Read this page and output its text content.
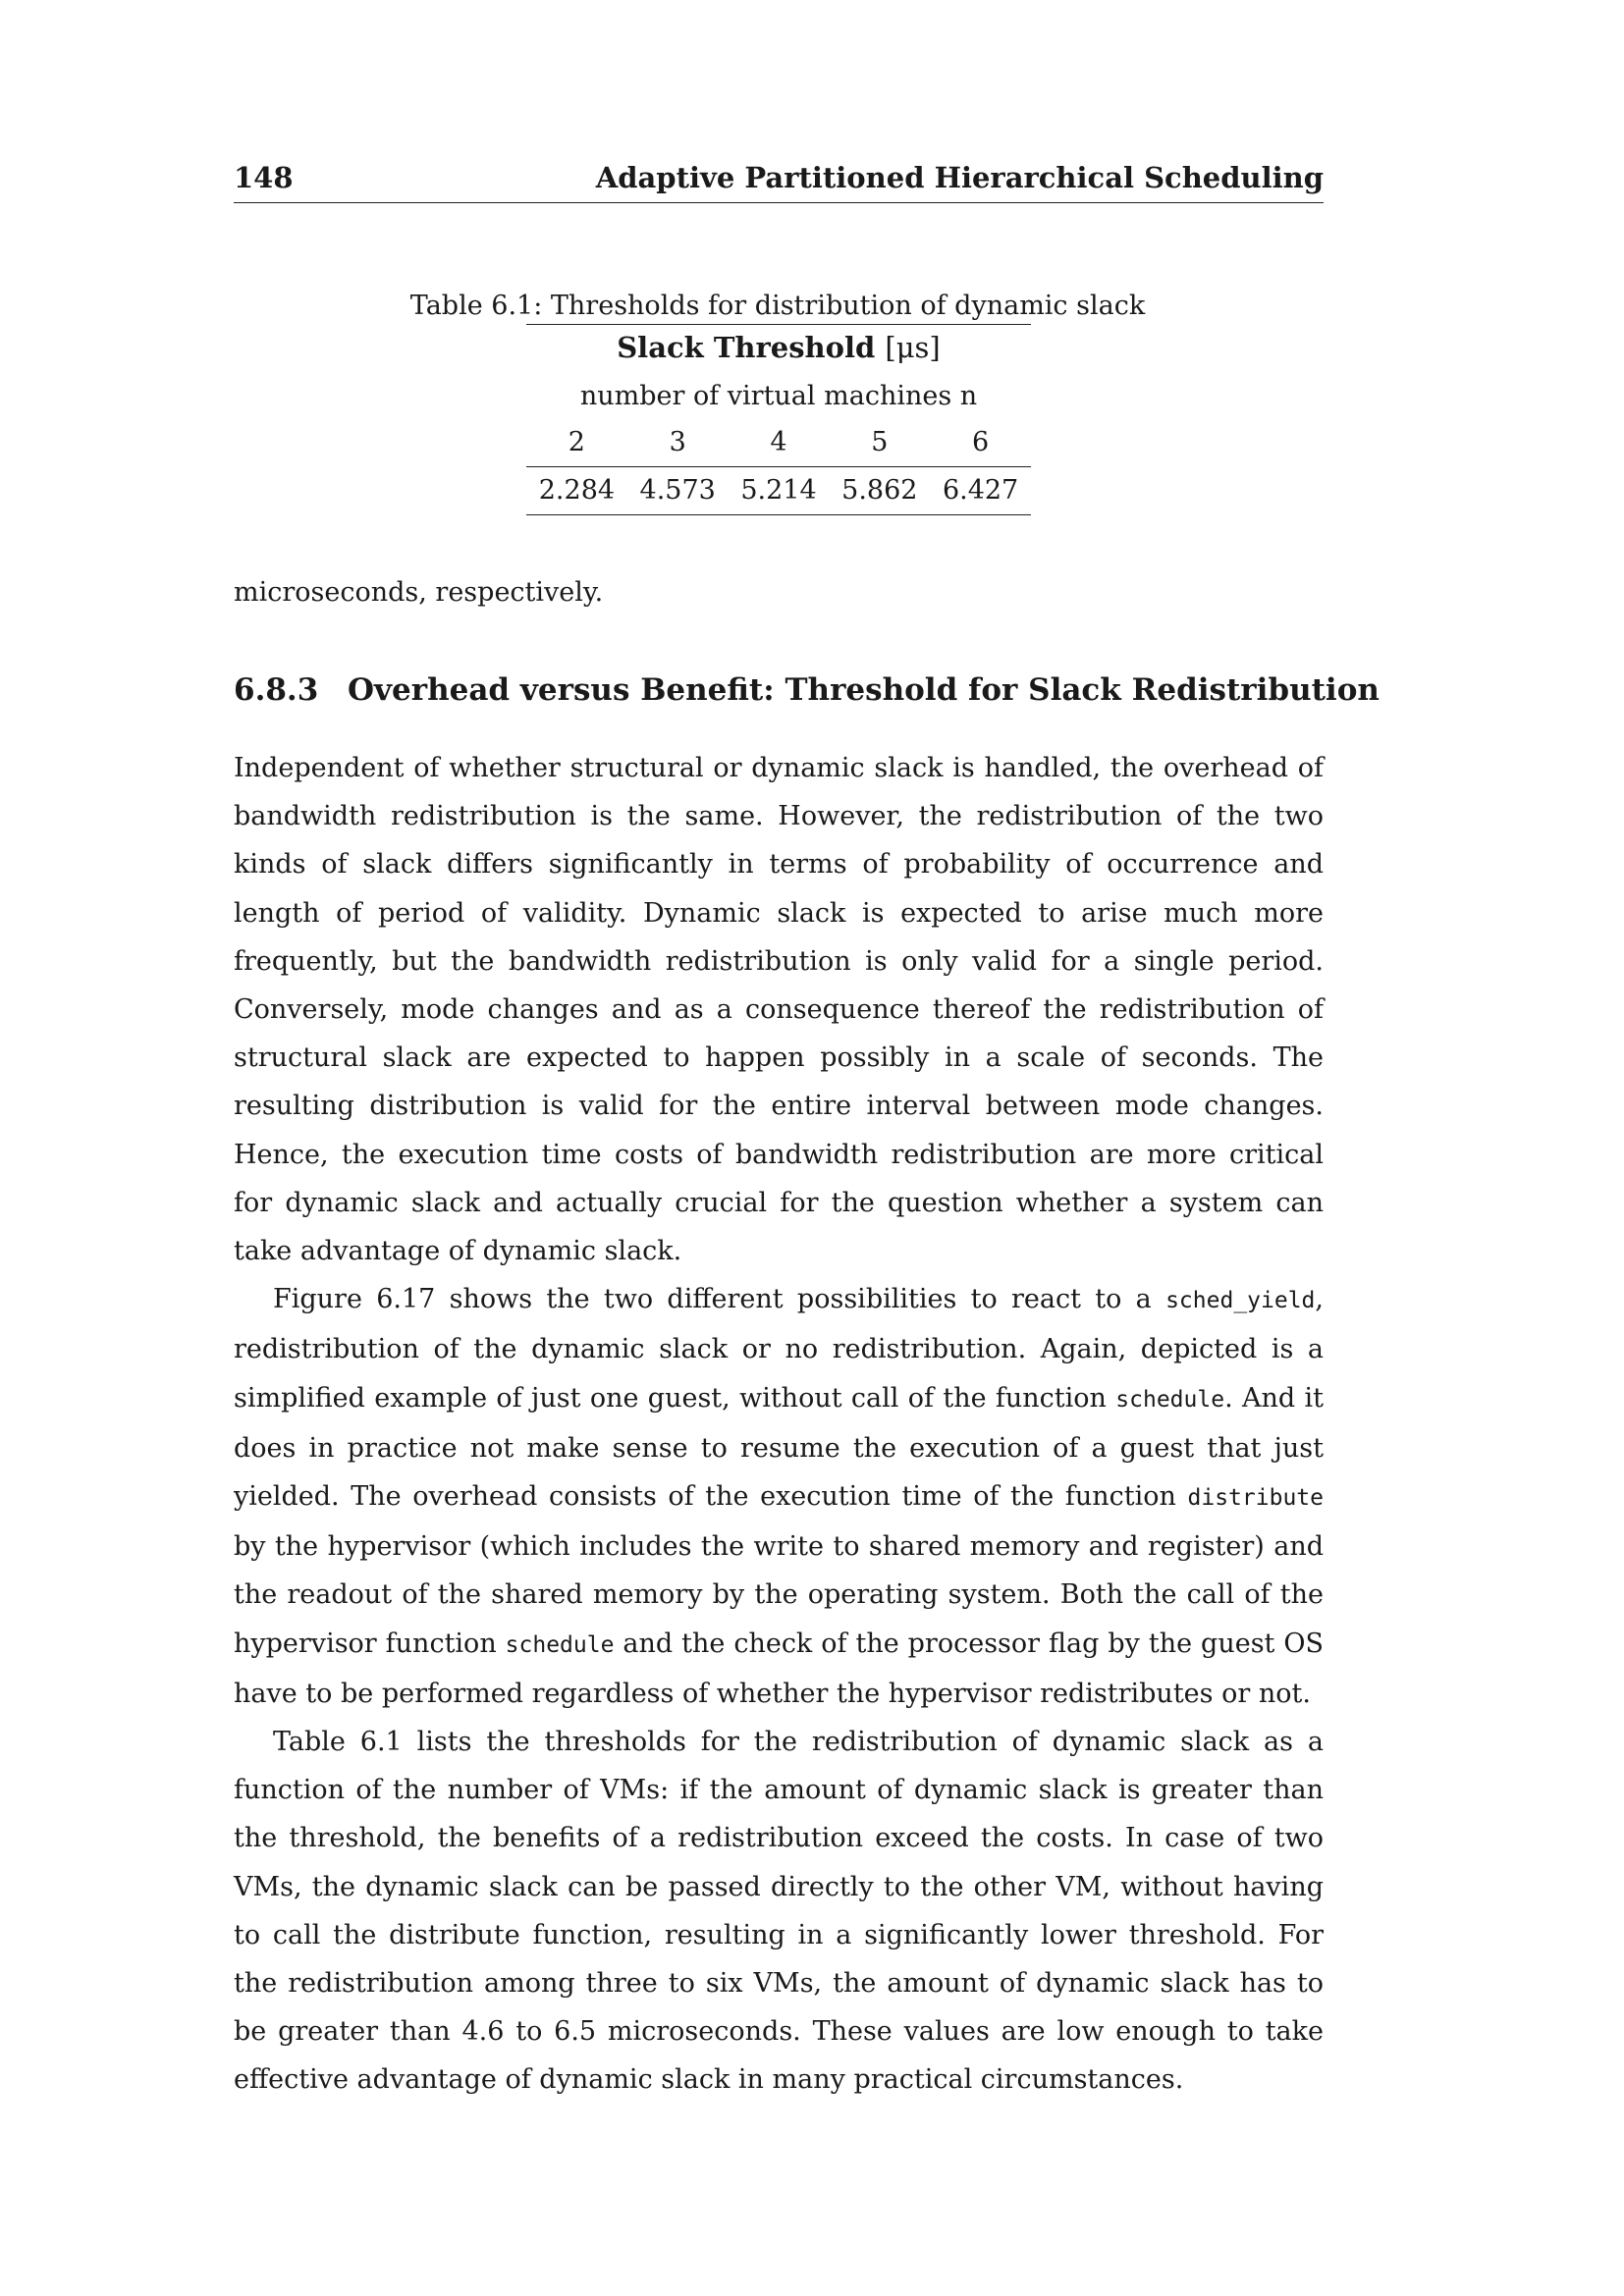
148	Adaptive Partitioned Hierarchical Scheduling
Table 6.1: Thresholds for distribution of dynamic slack
Slack Threshold [μs]
number of virtual machines n
2	3	4	5	6
2.284 4.573 5.214 5.862 6.427
microseconds, respectively.
6.8.3 Overhead versus Benefit: Threshold for Slack Redistribution

Independent of whether structural or dynamic slack is handled, the overhead of bandwidth redistribution is the same. However, the redistribution of the two kinds of slack differs significantly in terms of probability of occurrence and length of period of validity. Dynamic slack is expected to arise much more frequently, but the bandwidth redistribution is only valid for a single period. Conversely, mode changes and as a consequence thereof the redistribution of structural slack are expected to happen possibly in a scale of seconds. The resulting distribution is valid for the entire interval between mode changes. Hence, the execution time costs of bandwidth redistribution are more critical for dynamic slack and actually crucial for the question whether a system can take advantage of dynamic slack.

Figure 6.17 shows the two different possibilities to react to a sched_yield, redistribution of the dynamic slack or no redistribution. Again, depicted is a simplified example of just one guest, without call of the function schedule. And it does in practice not make sense to resume the execution of a guest that just yielded. The overhead consists of the execution time of the function distribute by the hypervisor (which includes the write to shared memory and register) and the readout of the shared memory by the operating system. Both the call of the hypervisor function schedule and the check of the processor flag by the guest OS have to be performed regardless of whether the hypervisor redistributes or not.

Table 6.1 lists the thresholds for the redistribution of dynamic slack as a function of the number of VMs: if the amount of dynamic slack is greater than the threshold, the benefits of a redistribution exceed the costs. In case of two VMs, the dynamic slack can be passed directly to the other VM, without having to call the distribute function, resulting in a significantly lower threshold. For the redistribution among three to six VMs, the amount of dynamic slack has to be greater than 4.6 to 6.5 microseconds. These values are low enough to take effective advantage of dynamic slack in many practical circumstances.
